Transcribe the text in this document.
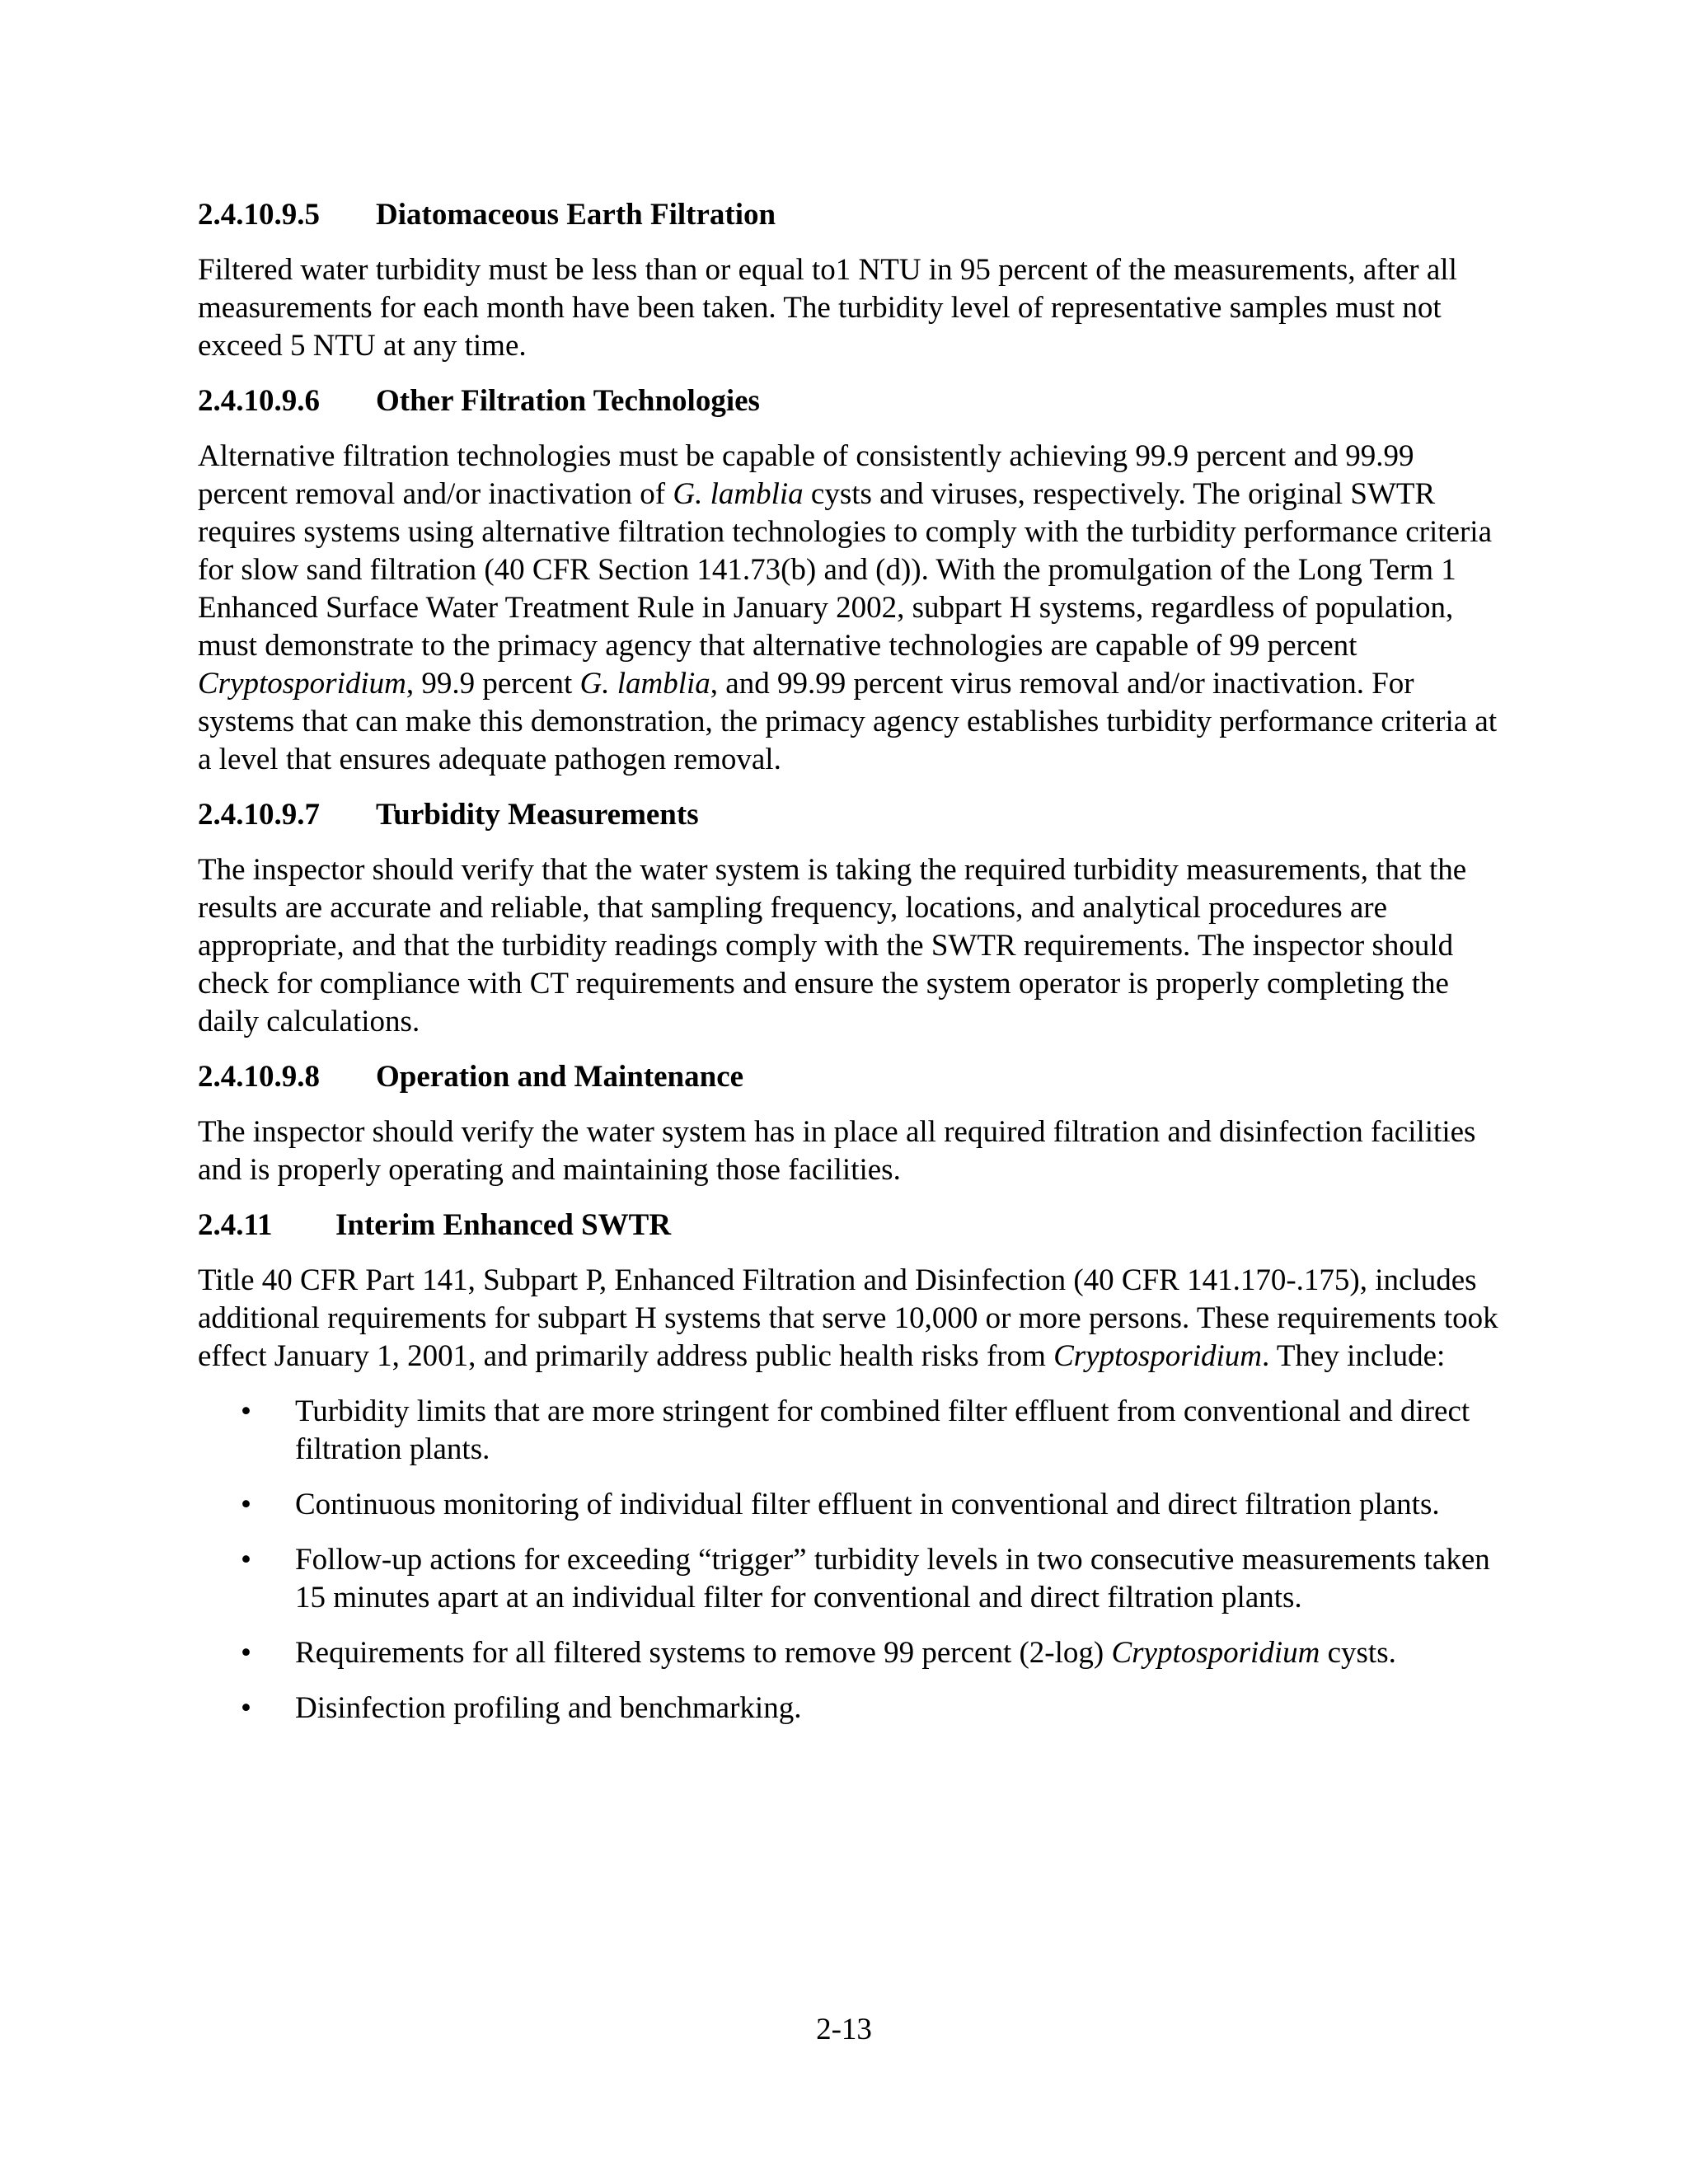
2.4.10.9.5	Diatomaceous Earth Filtration

Filtered water turbidity must be less than or equal to1 NTU in 95 percent of the measurements, after all measurements for each month have been taken. The turbidity level of representative samples must not exceed 5 NTU at any time.

2.4.10.9.6	Other Filtration Technologies

Alternative filtration technologies must be capable of consistently achieving 99.9 percent and 99.99 percent removal and/or inactivation of G. lamblia cysts and viruses, respectively. The original SWTR requires systems using alternative filtration technologies to comply with the turbidity performance criteria for slow sand filtration (40 CFR Section 141.73(b) and (d)). With the promulgation of the Long Term 1 Enhanced Surface Water Treatment Rule in January 2002, subpart H systems, regardless of population, must demonstrate to the primacy agency that alternative technologies are capable of 99 percent Cryptosporidium, 99.9 percent G. lamblia, and 99.99 percent virus removal and/or inactivation. For systems that can make this demonstration, the primacy agency establishes turbidity performance criteria at a level that ensures adequate pathogen removal.

2.4.10.9.7	Turbidity Measurements

The inspector should verify that the water system is taking the required turbidity measurements, that the results are accurate and reliable, that sampling frequency, locations, and analytical procedures are appropriate, and that the turbidity readings comply with the SWTR requirements. The inspector should check for compliance with CT requirements and ensure the system operator is properly completing the daily calculations.

2.4.10.9.8	Operation and Maintenance

The inspector should verify the water system has in place all required filtration and disinfection facilities and is properly operating and maintaining those facilities.

2.4.11	Interim Enhanced SWTR

Title 40 CFR Part 141, Subpart P, Enhanced Filtration and Disinfection (40 CFR 141.170-.175), includes additional requirements for subpart H systems that serve 10,000 or more persons. These requirements took effect January 1, 2001, and primarily address public health risks from Cryptosporidium. They include:

• Turbidity limits that are more stringent for combined filter effluent from conventional and direct filtration plants.
• Continuous monitoring of individual filter effluent in conventional and direct filtration plants.
• Follow-up actions for exceeding “trigger” turbidity levels in two consecutive measurements taken 15 minutes apart at an individual filter for conventional and direct filtration plants.
• Requirements for all filtered systems to remove 99 percent (2-log) Cryptosporidium cysts.
• Disinfection profiling and benchmarking.
2-13
